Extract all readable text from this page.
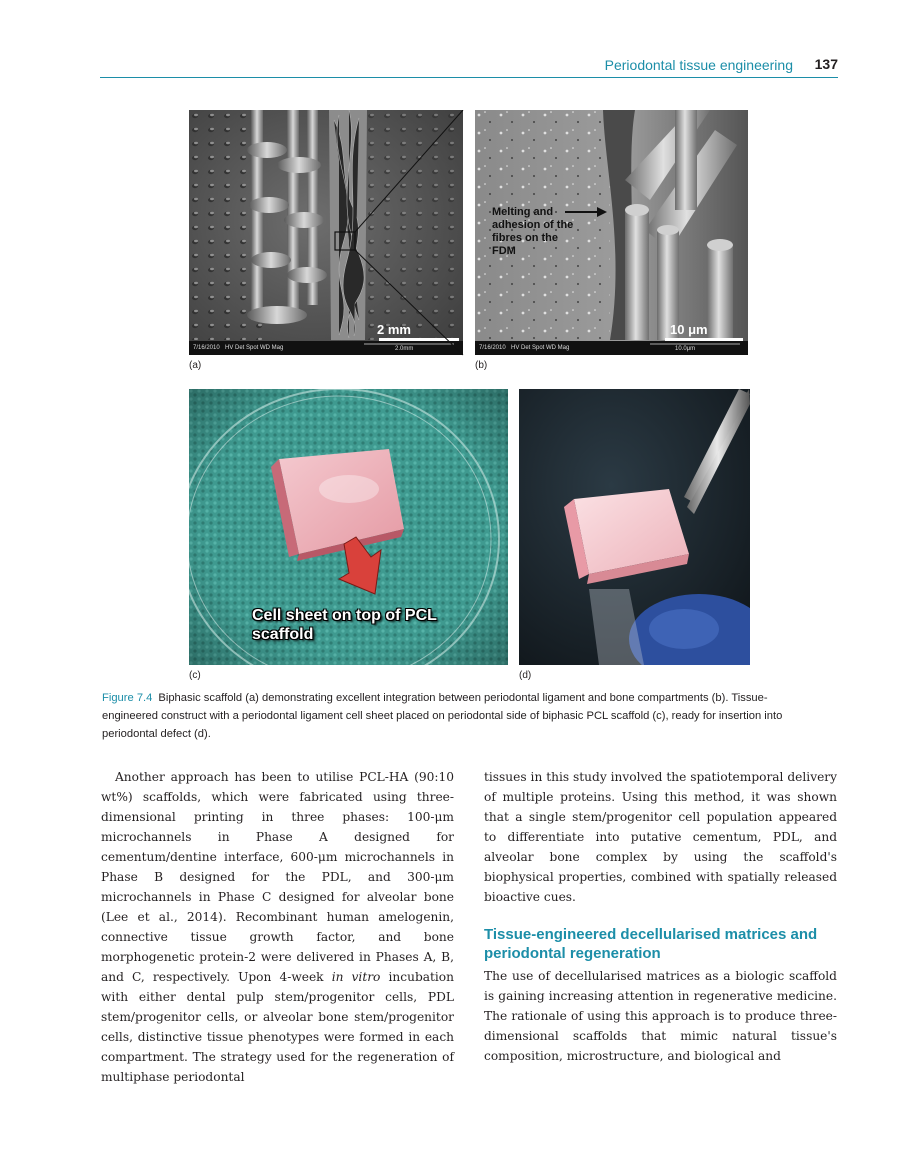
Periodontal tissue engineering 137
7/16/2010 HV Det Spot WD Mag	2.0mm
2 mm
(a)
7/16/2010 HV Det Spot WD Mag	10.0μm
10 μm
Melting and adhesion of the fibres on the FDM
(b)
Cell sheet on top of PCL scaffold
(c)	(d)
Figure 7.4 Biphasic scaffold (a) demonstrating excellent integration between periodontal ligament and bone compartments (b). Tissue-engineered construct with a periodontal ligament cell sheet placed on periodontal side of biphasic PCL scaffold (c), ready for insertion into periodontal defect (d).

Another approach has been to utilise PCL-HA (90:10 wt%) scaffolds, which were fabricated using three-dimensional printing in three phases: 100-μm microchannels in Phase A designed for cementum/dentine interface, 600-μm microchannels in Phase B designed for the PDL, and 300-μm microchannels in Phase C designed for alveolar bone (Lee et al., 2014). Recombinant human amelogenin, connective tissue growth factor, and bone morphogenetic protein-2 were delivered in Phases A, B, and C, respectively. Upon 4-week in vitro incubation with either dental pulp stem/progenitor cells, PDL stem/progenitor cells, or alveolar bone stem/progenitor cells, distinctive tissue phenotypes were formed in each compartment. The strategy used for the regeneration of multiphase periodontal

tissues in this study involved the spatiotemporal delivery of multiple proteins. Using this method, it was shown that a single stem/progenitor cell population appeared to differentiate into putative cementum, PDL, and alveolar bone complex by using the scaffold's biophysical properties, combined with spatially released bioactive cues.

Tissue-engineered decellularised matrices and periodontal regeneration

The use of decellularised matrices as a biologic scaffold is gaining increasing attention in regenerative medicine. The rationale of using this approach is to produce three-dimensional scaffolds that mimic natural tissue's composition, microstructure, and biological and
